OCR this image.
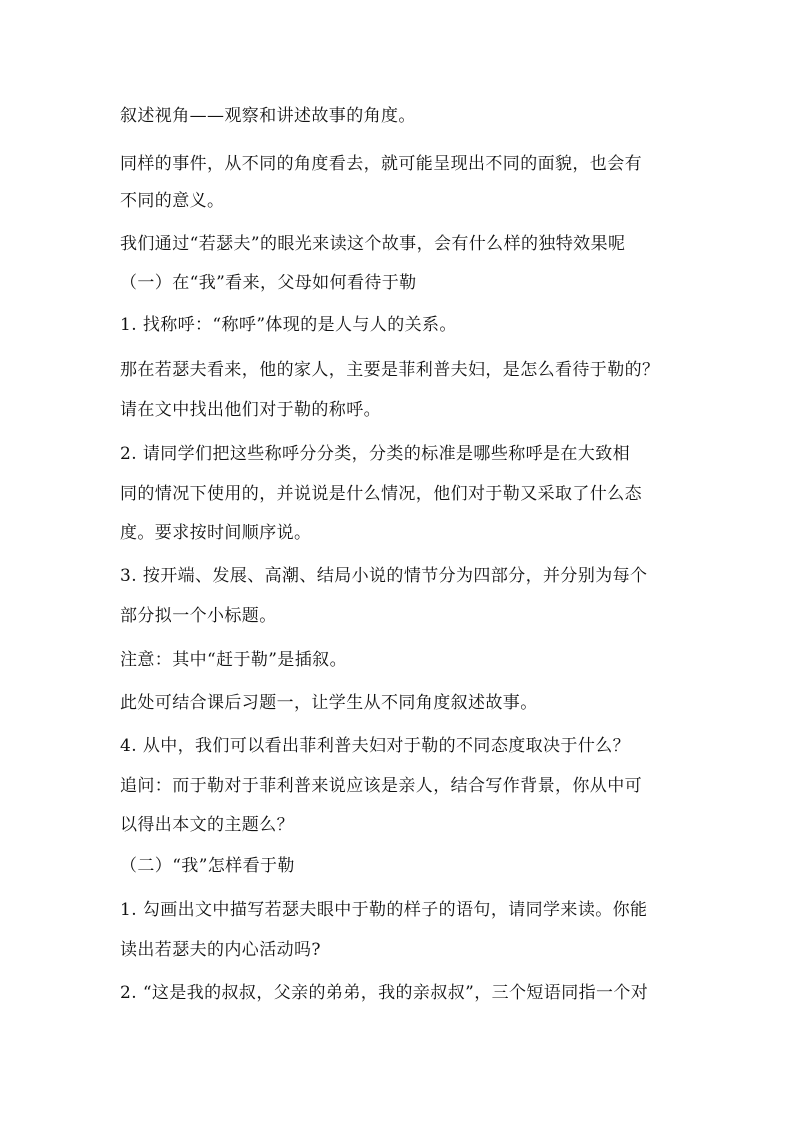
叙述视角——观察和讲述故事的角度。
同样的事件，从不同的角度看去，就可能呈现出不同的面貌，也会有
不同的意义。
我们通过“若瑟夫”的眼光来读这个故事，会有什么样的独特效果呢
（一）在“我”看来，父母如何看待于勒
1. 找称呼：“称呼”体现的是人与人的关系。
那在若瑟夫看来，他的家人，主要是菲利普夫妇，是怎么看待于勒的？
请在文中找出他们对于勒的称呼。
2. 请同学们把这些称呼分分类，分类的标准是哪些称呼是在大致相
同的情况下使用的，并说说是什么情况，他们对于勒又采取了什么态
度。要求按时间顺序说。
3. 按开端、发展、高潮、结局小说的情节分为四部分，并分别为每个
部分拟一个小标题。
注意：其中“赶于勒”是插叙。
此处可结合课后习题一，让学生从不同角度叙述故事。
4. 从中，我们可以看出菲利普夫妇对于勒的不同态度取决于什么？
追问：而于勒对于菲利普来说应该是亲人，结合写作背景，你从中可
以得出本文的主题么？
（二）“我”怎样看于勒
1. 勾画出文中描写若瑟夫眼中于勒的样子的语句，请同学来读。你能
读出若瑟夫的内心活动吗?
2. “这是我的叔叔，父亲的弟弟，我的亲叔叔”，三个短语同指一个对
